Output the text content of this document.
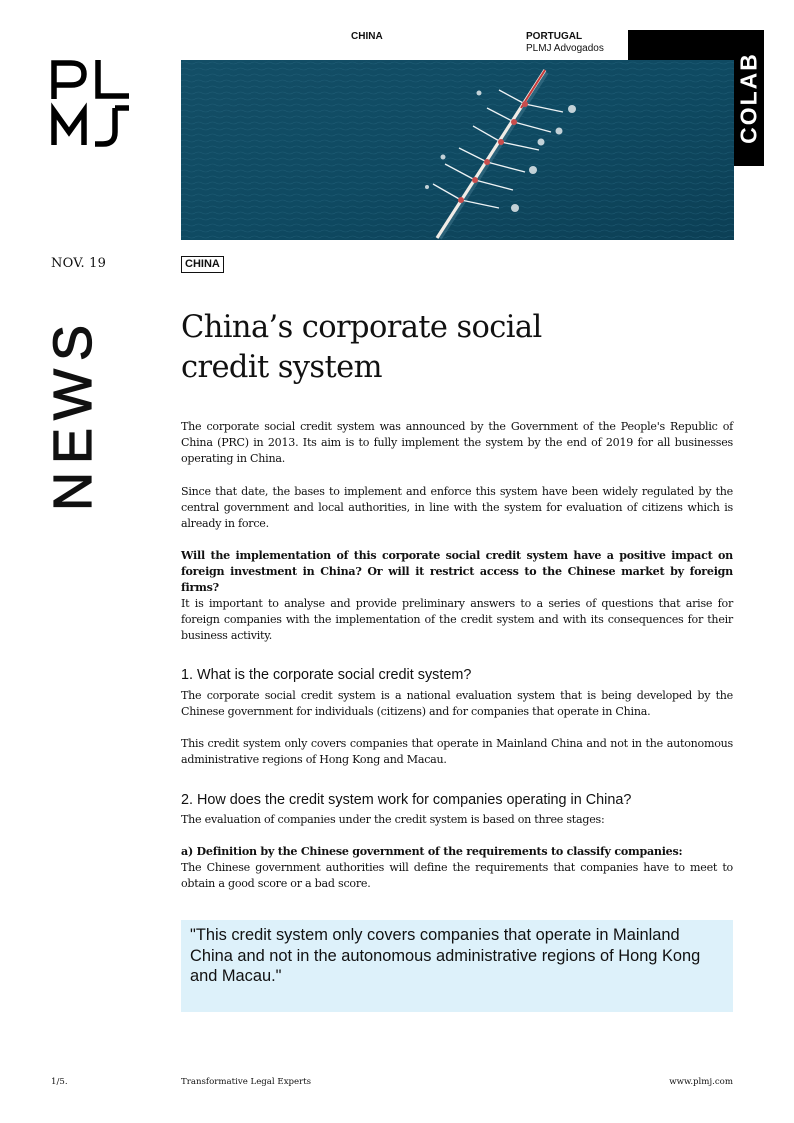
CHINA	PORTUGAL
PLMJ Advogados
COLAB
NOV. 19	CHINA
NEWS	China’s corporate social
credit system

The corporate social credit system was announced by the Government of the People's Republic of China (PRC) in 2013. Its aim is to fully implement the system by the end of 2019 for all businesses operating in China.

Since that date, the bases to implement and enforce this system have been widely regulated by the central government and local authorities, in line with the system for evaluation of citizens which is already in force.

Will the implementation of this corporate social credit system have a positive impact on foreign investment in China? Or will it restrict access to the Chinese market by foreign firms?

It is important to analyse and provide preliminary answers to a series of questions that arise for foreign companies with the implementation of the credit system and with its consequences for their business activity.

1. What is the corporate social credit system?

The corporate social credit system is a national evaluation system that is being developed by the Chinese government for individuals (citizens) and for companies that operate in China.

This credit system only covers companies that operate in Mainland China and not in the autonomous administrative regions of Hong Kong and Macau.

2. How does the credit system work for companies operating in China?

The evaluation of companies under the credit system is based on three stages:

a) Definition by the Chinese government of the requirements to classify companies:

The Chinese government authorities will define the requirements that companies have to meet to obtain a good score or a bad score.

"This credit system only covers companies that operate in Mainland China and not in the autonomous administrative regions of Hong Kong and Macau."

1/5.	Transformative Legal Experts	www.plmj.com
